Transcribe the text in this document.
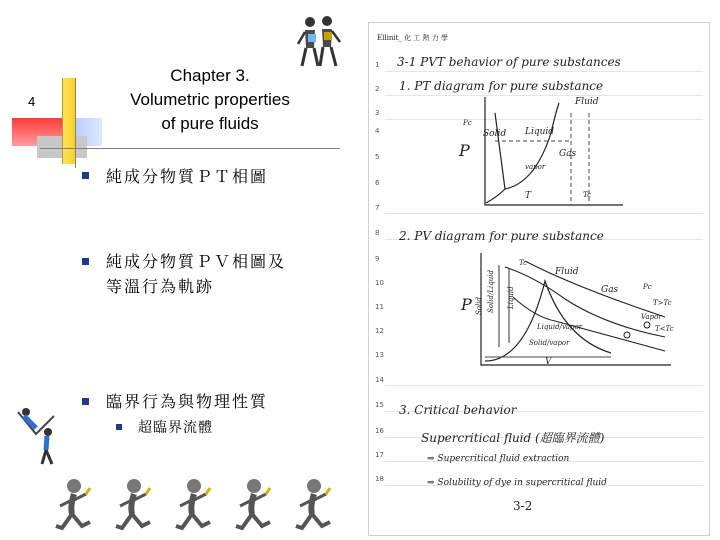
4
Chapter 3.
Volumetric properties
of pure fluids
純成分物質ＰＴ相圖
純成分物質ＰＶ相圖及
等溫行為軌跡
臨界行為與物理性質
超臨界流體
Ellinit_ 化 工 熱 力 學
1
2
3
4
5
6
7
8
9
10
11
12
13
14
15
16
17
18
3-1 PVT behavior of pure substances
1. PT diagram for pure substance
Fluid
Pc
Solid Liquid
P	Gas
vapor
T	Tc
2. PV diagram for pure substance
Tc
Fluid
Gas	Pc
T>Tc
Vapor
T<Tc
P Solid Solid/Liquid Liquid
Liquid/vapor
Solid/vapor
V
3. Critical behavior
Supercritical fluid (超臨界流體)
⇒ Supercritical fluid extraction
⇒ Solubility of dye in supercritical fluid
3-2
